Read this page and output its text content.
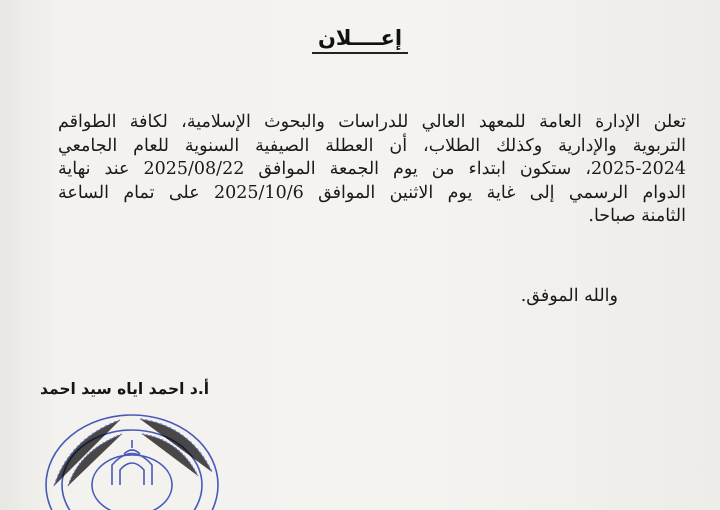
إعــــلان
تعلن الإدارة العامة للمعهد العالي للدراسات والبحوث الإسلامية، لكافة الطواقم
التربوية والإدارية وكذلك الطلاب، أن العطلة الصيفية السنوية للعام الجامعي
2025-2024، ستكون ابتداء من يوم الجمعة الموافق 2025/08/22 عند نهاية
الدوام الرسمي إلى غاية يوم الاثنين الموافق 2025/10/6 على تمام الساعة
الثامنة صباحا.
والله الموفق.
أ.د احمد اياه سيد احمد
